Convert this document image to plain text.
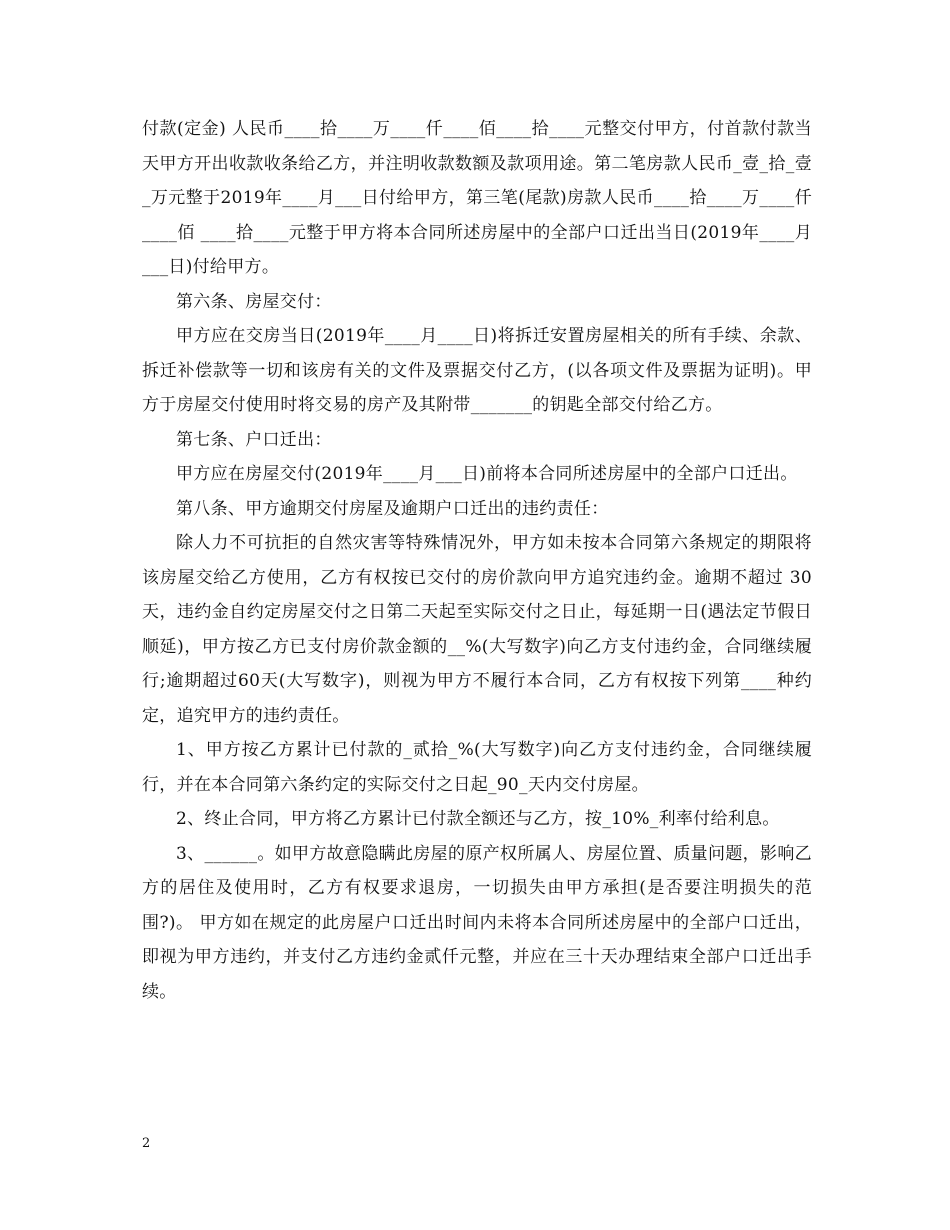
付款(定金) 人民币____拾____万____仟____佰____拾____元整交付甲方，付首款付款当天甲方开出收款收条给乙方，并注明收款数额及款项用途。第二笔房款人民币_壹_拾_壹_万元整于2019年____月___日付给甲方，第三笔(尾款)房款人民币____拾____万____仟____佰 ____拾____元整于甲方将本合同所述房屋中的全部户口迁出当日(2019年____月___日)付给甲方。

第六条、房屋交付：

甲方应在交房当日(2019年____月____日)将拆迁安置房屋相关的所有手续、余款、拆迁补偿款等一切和该房有关的文件及票据交付乙方，(以各项文件及票据为证明)。甲方于房屋交付使用时将交易的房产及其附带_______的钥匙全部交付给乙方。

第七条、户口迁出：

甲方应在房屋交付(2019年____月___日)前将本合同所述房屋中的全部户口迁出。

第八条、甲方逾期交付房屋及逾期户口迁出的违约责任：

除人力不可抗拒的自然灾害等特殊情况外，甲方如未按本合同第六条规定的期限将该房屋交给乙方使用，乙方有权按已交付的房价款向甲方追究违约金。逾期不超过 30天，违约金自约定房屋交付之日第二天起至实际交付之日止，每延期一日(遇法定节假日顺延)，甲方按乙方已支付房价款金额的__%(大写数字)向乙方支付违约金，合同继续履行;逾期超过60天(大写数字)，则视为甲方不履行本合同，乙方有权按下列第____种约定，追究甲方的违约责任。

1、甲方按乙方累计已付款的_贰拾_%(大写数字)向乙方支付违约金，合同继续履行，并在本合同第六条约定的实际交付之日起_90_天内交付房屋。

2、终止合同，甲方将乙方累计已付款全额还与乙方，按_10%_利率付给利息。

3、______。如甲方故意隐瞒此房屋的原产权所属人、房屋位置、质量问题，影响乙方的居住及使用时，乙方有权要求退房，一切损失由甲方承担(是否要注明损失的范围?)。 甲方如在规定的此房屋户口迁出时间内未将本合同所述房屋中的全部户口迁出，即视为甲方违约，并支付乙方违约金贰仟元整，并应在三十天办理结束全部户口迁出手续。

2
